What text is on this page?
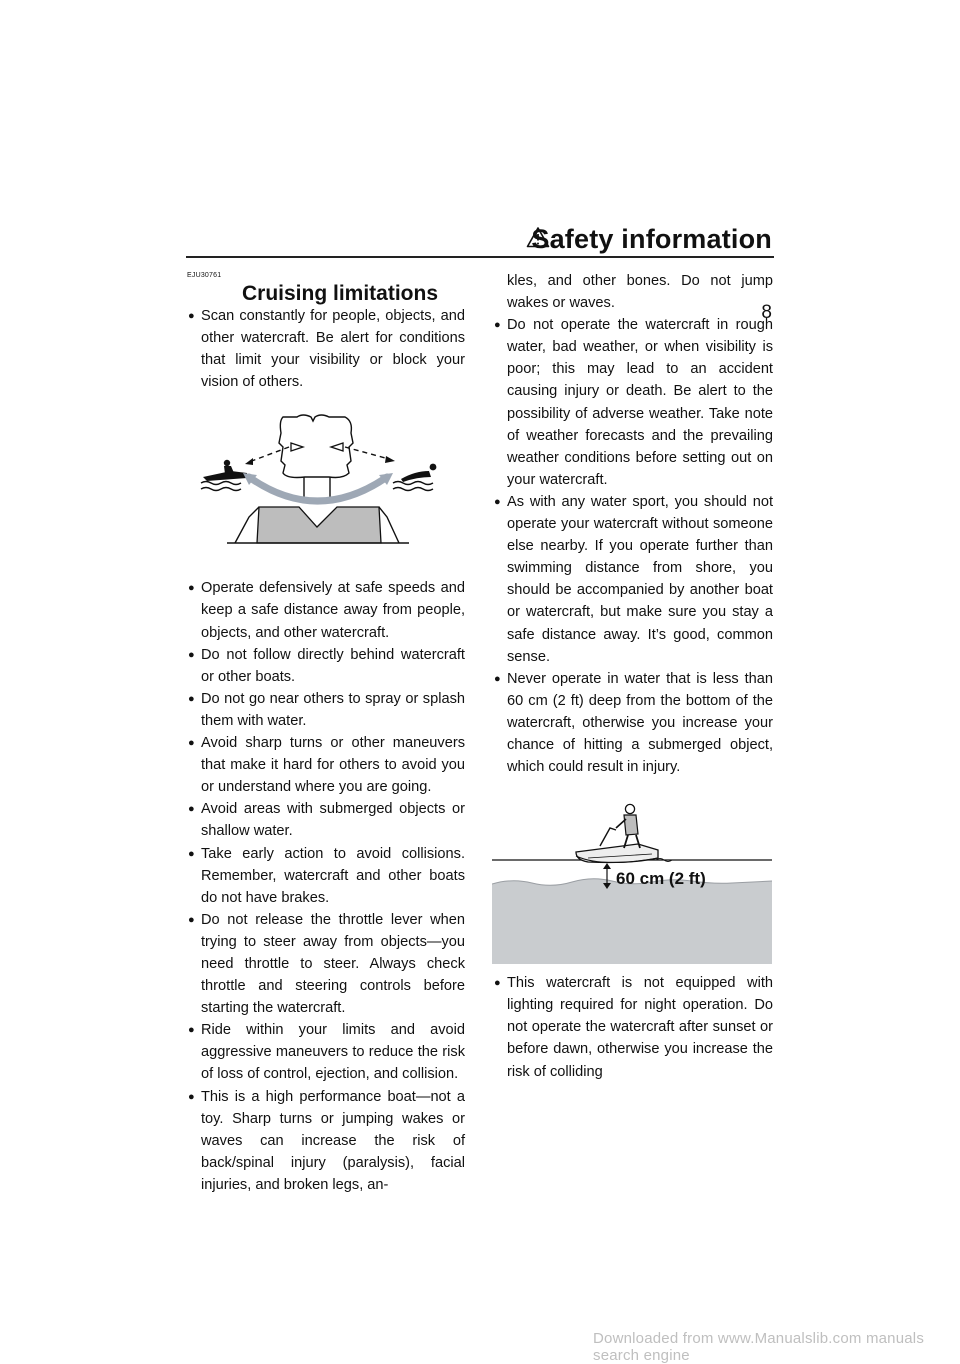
Safety information
8
EJU30761
Cruising limitations

● Scan constantly for people, objects, and other watercraft. Be alert for conditions that limit your visibility or block your vision of others.

● Operate defensively at safe speeds and keep a safe distance away from people, objects, and other watercraft.

● Do not follow directly behind watercraft or other boats.

● Do not go near others to spray or splash them with water.

● Avoid sharp turns or other maneuvers that make it hard for others to avoid you or understand where you are going.

● Avoid areas with submerged objects or shallow water.

● Take early action to avoid collisions. Remember, watercraft and other boats do not have brakes.

● Do not release the throttle lever when trying to steer away from objects—you need throttle to steer. Always check throttle and steering controls before starting the watercraft.

● Ride within your limits and avoid aggressive maneuvers to reduce the risk of loss of control, ejection, and collision.

● This is a high performance boat—not a toy. Sharp turns or jumping wakes or waves can increase the risk of back/spinal injury (paralysis), facial injuries, and broken legs, an-

kles, and other bones. Do not jump wakes or waves.

● Do not operate the watercraft in rough water, bad weather, or when visibility is poor; this may lead to an accident causing injury or death. Be alert to the possibility of adverse weather. Take note of weather forecasts and the prevailing weather conditions before setting out on your watercraft.

● As with any water sport, you should not operate your watercraft without someone else nearby. If you operate further than swimming distance from shore, you should be accompanied by another boat or watercraft, but make sure you stay a safe distance away. It’s good, common sense.

● Never operate in water that is less than 60 cm (2 ft) deep from the bottom of the watercraft, otherwise you increase your chance of hitting a submerged object, which could result in injury.

60 cm (2 ft)

● This watercraft is not equipped with lighting required for night operation. Do not operate the watercraft after sunset or before dawn, otherwise you increase the risk of colliding

Downloaded from www.Manualslib.com manuals search engine
